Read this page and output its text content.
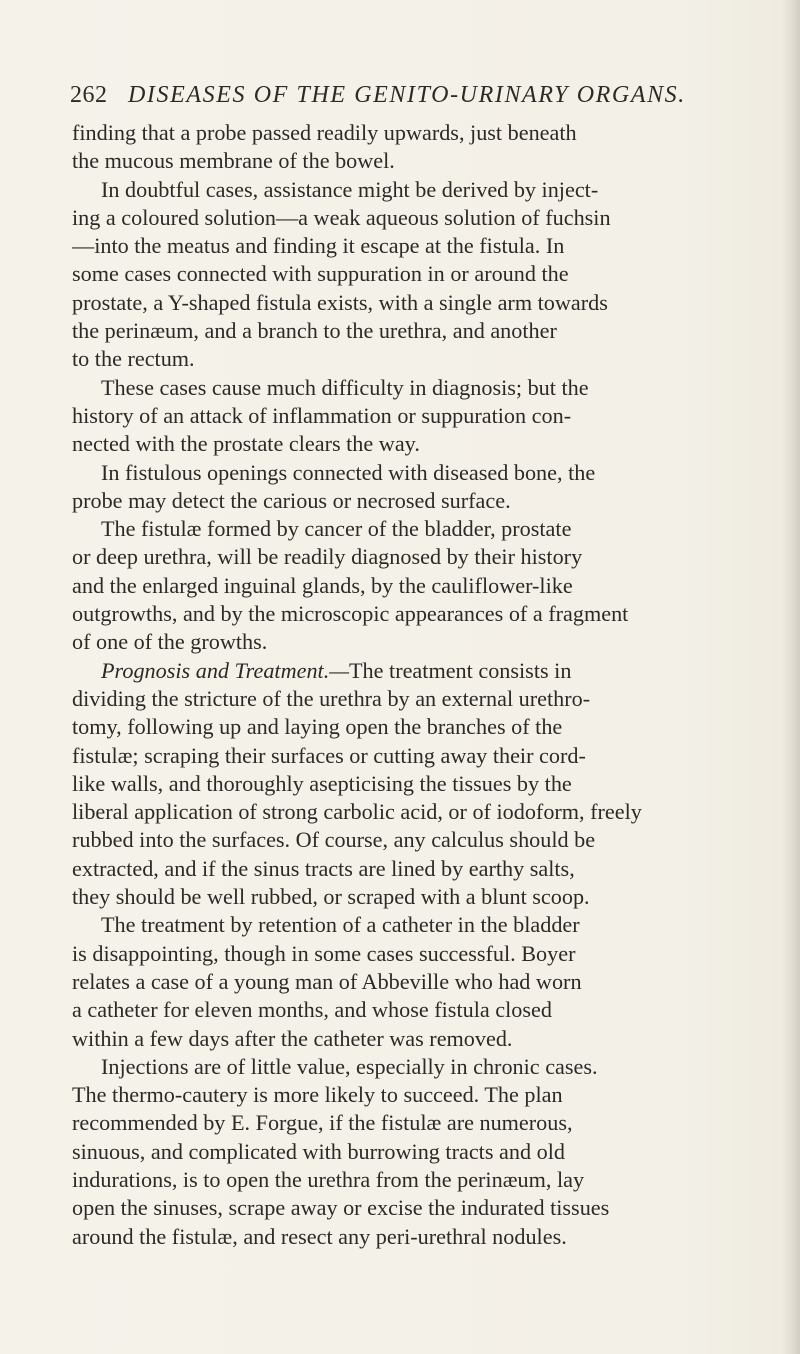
262 DISEASES OF THE GENITO-URINARY ORGANS.
finding that a probe passed readily upwards, just beneath
the mucous membrane of the bowel.
In doubtful cases, assistance might be derived by inject-
ing a coloured solution—a weak aqueous solution of fuchsin
—into the meatus and finding it escape at the fistula. In
some cases connected with suppuration in or around the
prostate, a Y-shaped fistula exists, with a single arm towards
the perinæum, and a branch to the urethra, and another
to the rectum.
These cases cause much difficulty in diagnosis; but the
history of an attack of inflammation or suppuration con-
nected with the prostate clears the way.
In fistulous openings connected with diseased bone, the
probe may detect the carious or necrosed surface.
The fistulæ formed by cancer of the bladder, prostate
or deep urethra, will be readily diagnosed by their history
and the enlarged inguinal glands, by the cauliflower-like
outgrowths, and by the microscopic appearances of a fragment
of one of the growths.
Prognosis and Treatment.—The treatment consists in
dividing the stricture of the urethra by an external urethro-
tomy, following up and laying open the branches of the
fistulæ; scraping their surfaces or cutting away their cord-
like walls, and thoroughly asepticising the tissues by the
liberal application of strong carbolic acid, or of iodoform, freely
rubbed into the surfaces. Of course, any calculus should be
extracted, and if the sinus tracts are lined by earthy salts,
they should be well rubbed, or scraped with a blunt scoop.
The treatment by retention of a catheter in the bladder
is disappointing, though in some cases successful. Boyer
relates a case of a young man of Abbeville who had worn
a catheter for eleven months, and whose fistula closed
within a few days after the catheter was removed.
Injections are of little value, especially in chronic cases.
The thermo-cautery is more likely to succeed. The plan
recommended by E. Forgue, if the fistulæ are numerous,
sinuous, and complicated with burrowing tracts and old
indurations, is to open the urethra from the perinæum, lay
open the sinuses, scrape away or excise the indurated tissues
around the fistulæ, and resect any peri-urethral nodules.
